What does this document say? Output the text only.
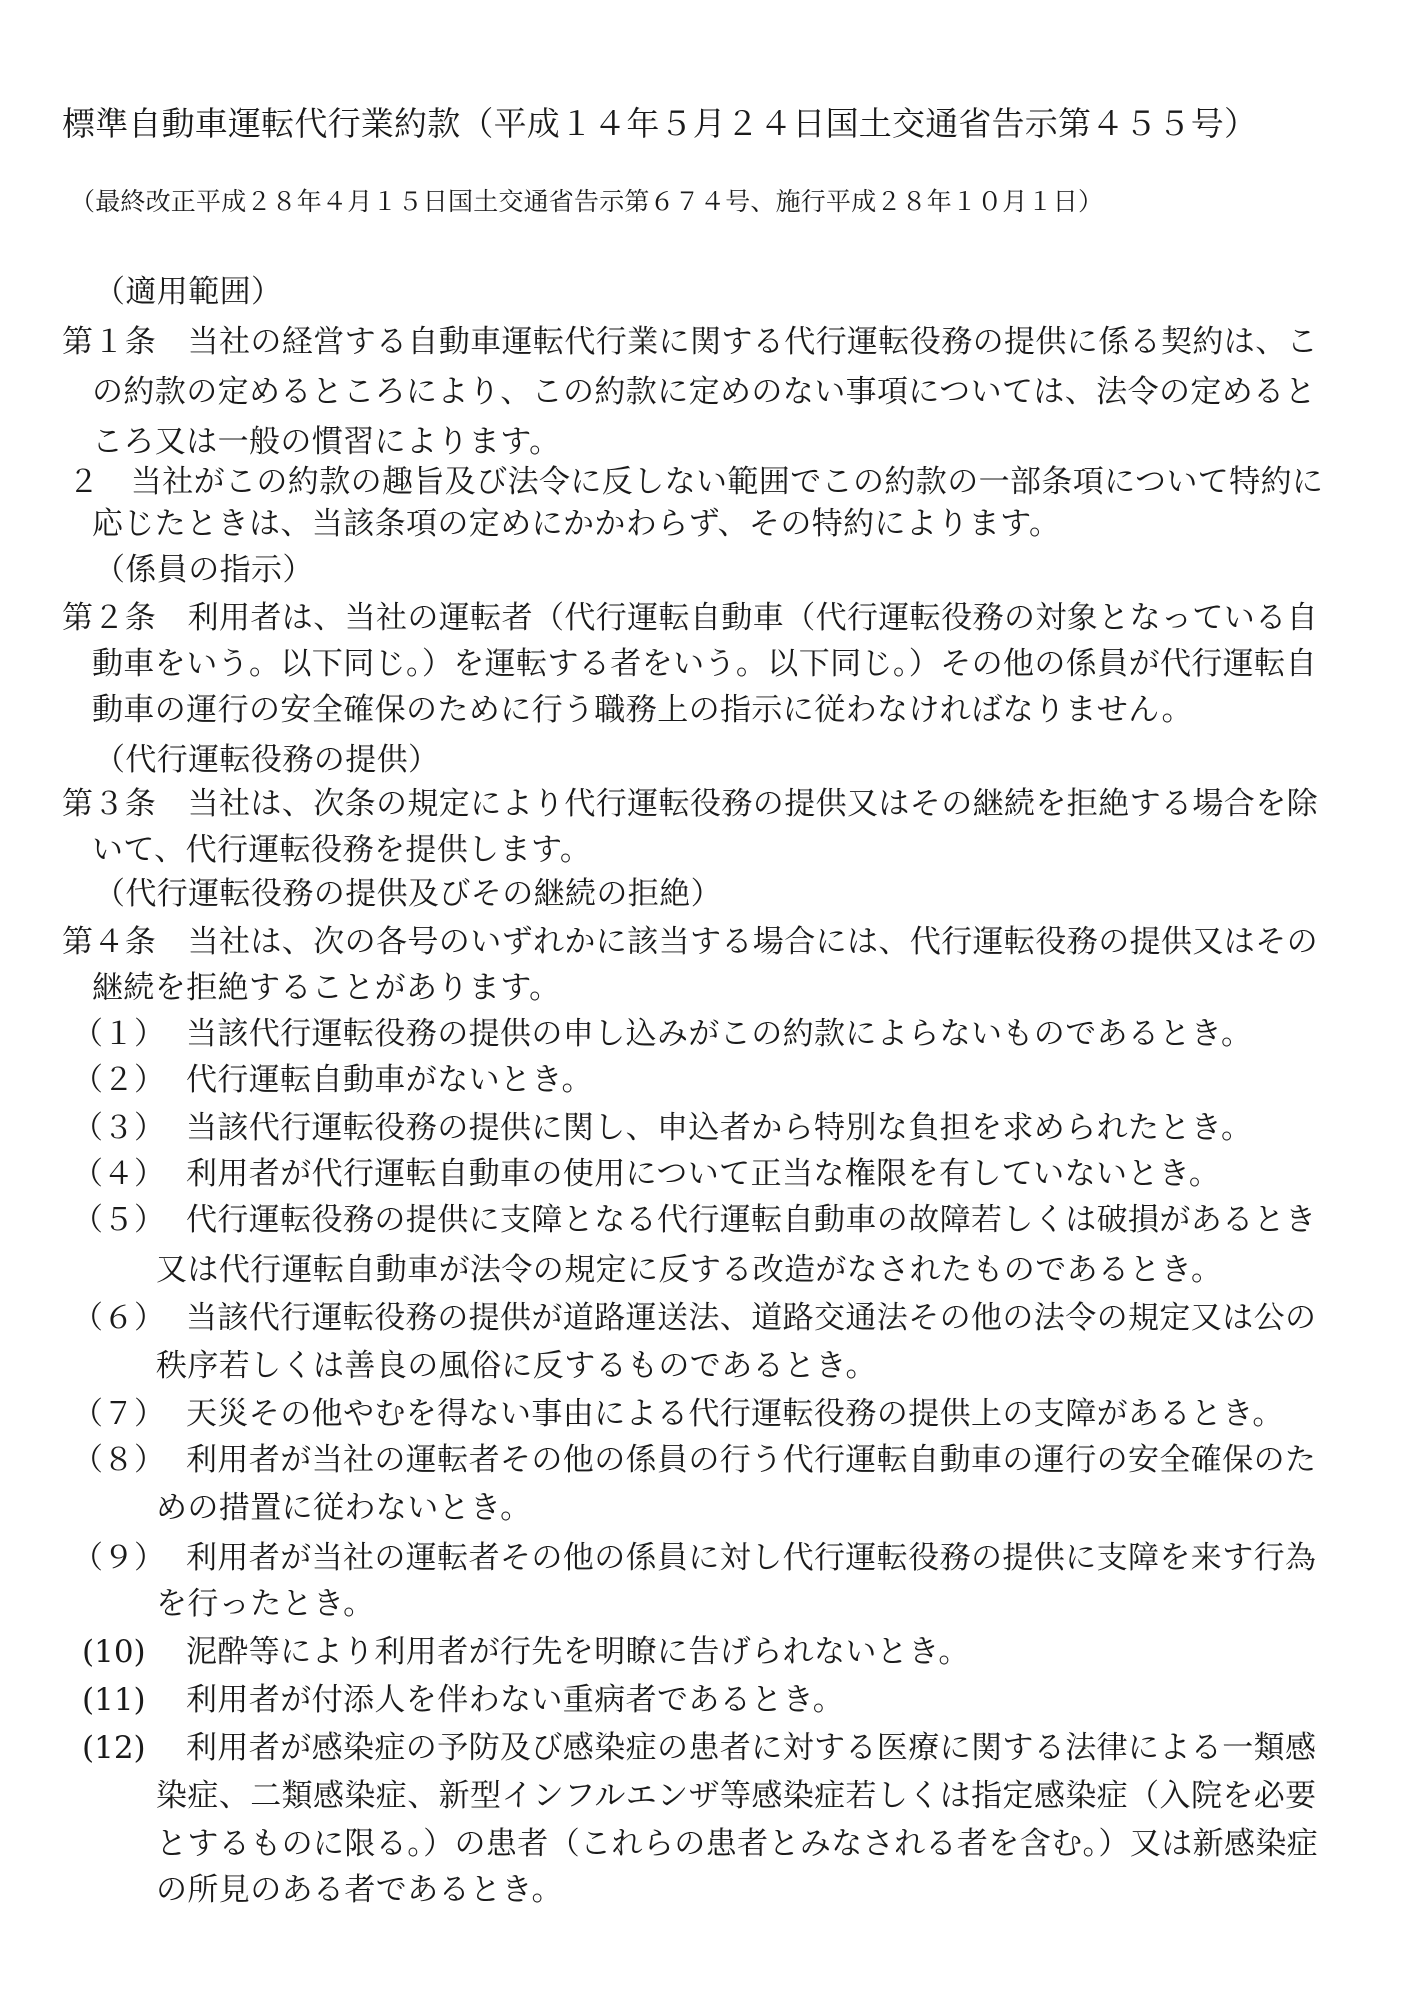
標準自動車運転代行業約款（平成１４年５月２４日国土交通省告示第４５５号）
（最終改正平成２８年４月１５日国土交通省告示第６７４号、施行平成２８年１０月１日）
（適用範囲）
第１条　当社の経営する自動車運転代行業に関する代行運転役務の提供に係る契約は、こ
の約款の定めるところにより、この約款に定めのない事項については、法令の定めると
ころ又は一般の慣習によります。
２　当社がこの約款の趣旨及び法令に反しない範囲でこの約款の一部条項について特約に
応じたときは、当該条項の定めにかかわらず、その特約によります。
（係員の指示）
第２条　利用者は、当社の運転者（代行運転自動車（代行運転役務の対象となっている自
動車をいう。以下同じ。）を運転する者をいう。以下同じ。）その他の係員が代行運転自
動車の運行の安全確保のために行う職務上の指示に従わなければなりません。
（代行運転役務の提供）
第３条　当社は、次条の規定により代行運転役務の提供又はその継続を拒絶する場合を除
いて、代行運転役務を提供します。
（代行運転役務の提供及びその継続の拒絶）
第４条　当社は、次の各号のいずれかに該当する場合には、代行運転役務の提供又はその
継続を拒絶することがあります。
（１） 当該代行運転役務の提供の申し込みがこの約款によらないものであるとき。
（２） 代行運転自動車がないとき。
（３） 当該代行運転役務の提供に関し、申込者から特別な負担を求められたとき。
（４） 利用者が代行運転自動車の使用について正当な権限を有していないとき。
（５） 代行運転役務の提供に支障となる代行運転自動車の故障若しくは破損があるとき
又は代行運転自動車が法令の規定に反する改造がなされたものであるとき。
（６） 当該代行運転役務の提供が道路運送法、道路交通法その他の法令の規定又は公の
秩序若しくは善良の風俗に反するものであるとき。
（７） 天災その他やむを得ない事由による代行運転役務の提供上の支障があるとき。
（８） 利用者が当社の運転者その他の係員の行う代行運転自動車の運行の安全確保のた
めの措置に従わないとき。
（９） 利用者が当社の運転者その他の係員に対し代行運転役務の提供に支障を来す行為
を行ったとき。
(10) 泥酔等により利用者が行先を明瞭に告げられないとき。
(11) 利用者が付添人を伴わない重病者であるとき。
(12) 利用者が感染症の予防及び感染症の患者に対する医療に関する法律による一類感
染症、二類感染症、新型インフルエンザ等感染症若しくは指定感染症（入院を必要
とするものに限る。）の患者（これらの患者とみなされる者を含む。）又は新感染症
の所見のある者であるとき。
